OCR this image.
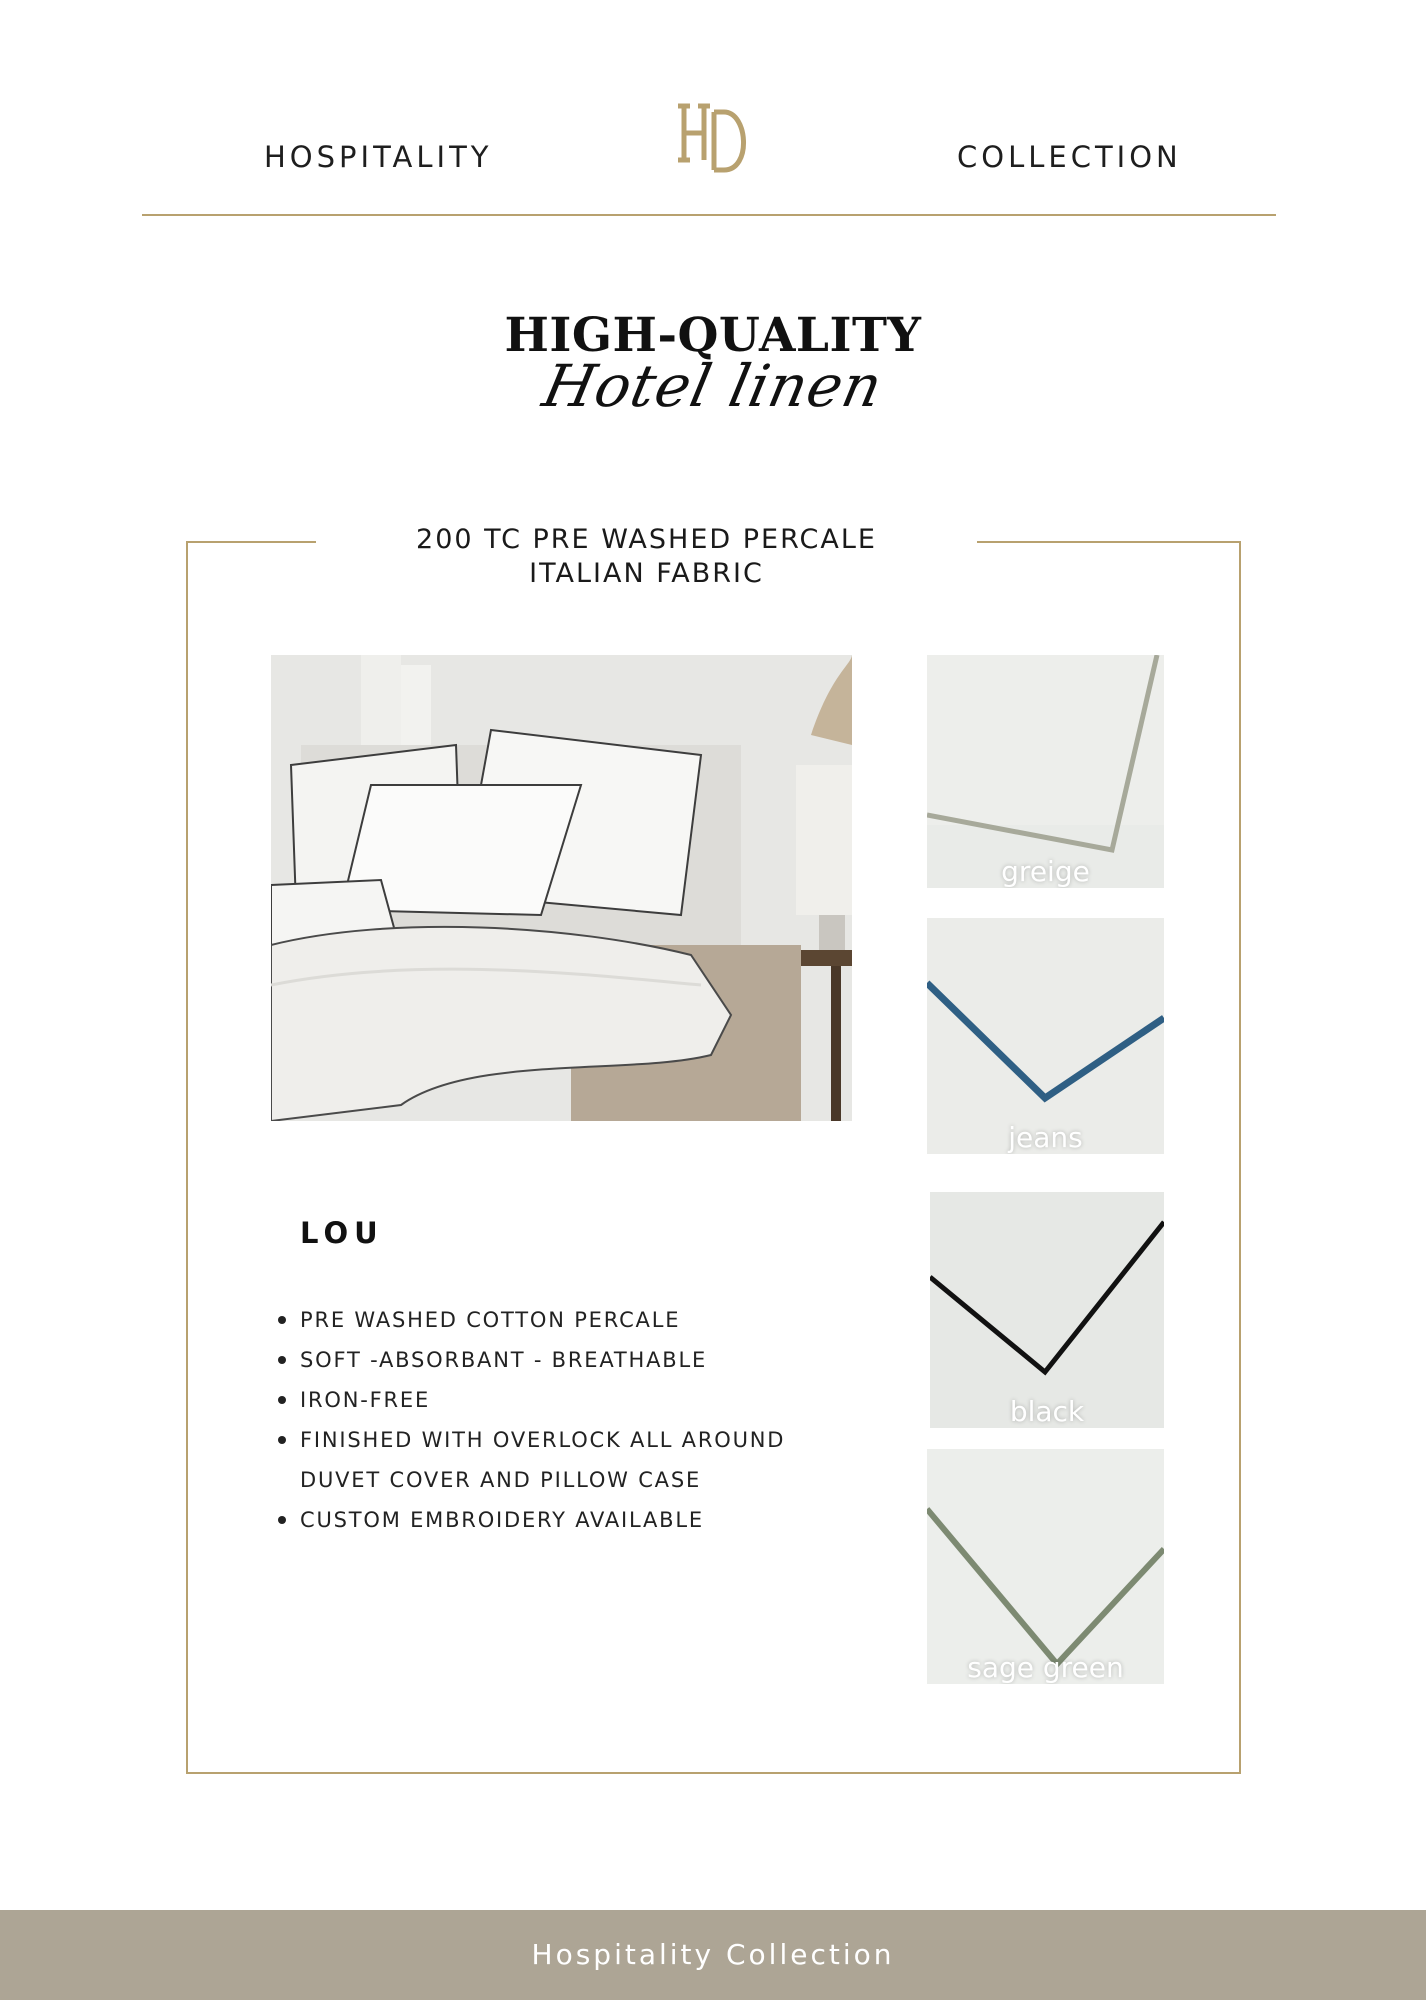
HOSPITALITY	COLLECTION
HIGH-QUALITY
Hotel linen
200 TC PRE WASHED PERCALE
ITALIAN FABRIC
greige
jeans
black
sage green
LOU
PRE WASHED COTTON PERCALE
SOFT -ABSORBANT - BREATHABLE
IRON-FREE
FINISHED WITH OVERLOCK ALL AROUND
DUVET COVER AND PILLOW CASE
CUSTOM EMBROIDERY AVAILABLE
Hospitality Collection
